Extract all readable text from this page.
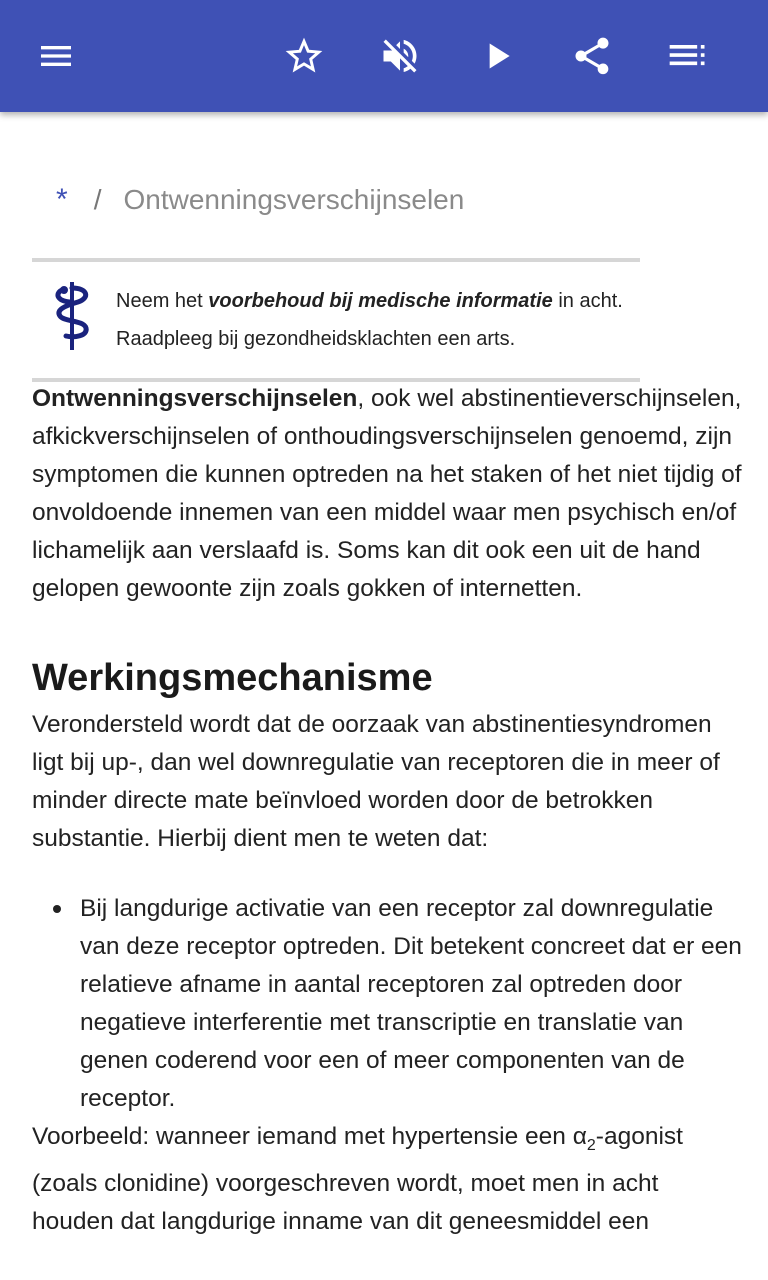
* / Ontwenningsverschijnselen
Neem het voorbehoud bij medische informatie in acht.
Raadpleeg bij gezondheidsklachten een arts.

Ontwenningsverschijnselen, ook wel abstinentieverschijnselen, afkickverschijnselen of onthoudingsverschijnselen genoemd, zijn symptomen die kunnen optreden na het staken of het niet tijdig of onvoldoende innemen van een middel waar men psychisch en/of lichamelijk aan verslaafd is. Soms kan dit ook een uit de hand gelopen gewoonte zijn zoals gokken of internetten.

Werkingsmechanisme

Verondersteld wordt dat de oorzaak van abstinentiesyndromen ligt bij up-, dan wel downregulatie van receptoren die in meer of minder directe mate beïnvloed worden door de betrokken substantie. Hierbij dient men te weten dat:

Bij langdurige activatie van een receptor zal downregulatie van deze receptor optreden. Dit betekent concreet dat er een relatieve afname in aantal receptoren zal optreden door negatieve interferentie met transcriptie en translatie van genen coderend voor een of meer componenten van de receptor.

Voorbeeld: wanneer iemand met hypertensie een $\alpha_2$-agonist (zoals clonidine) voorgeschreven wordt, moet men in acht houden dat langdurige inname van dit geneesmiddel een
